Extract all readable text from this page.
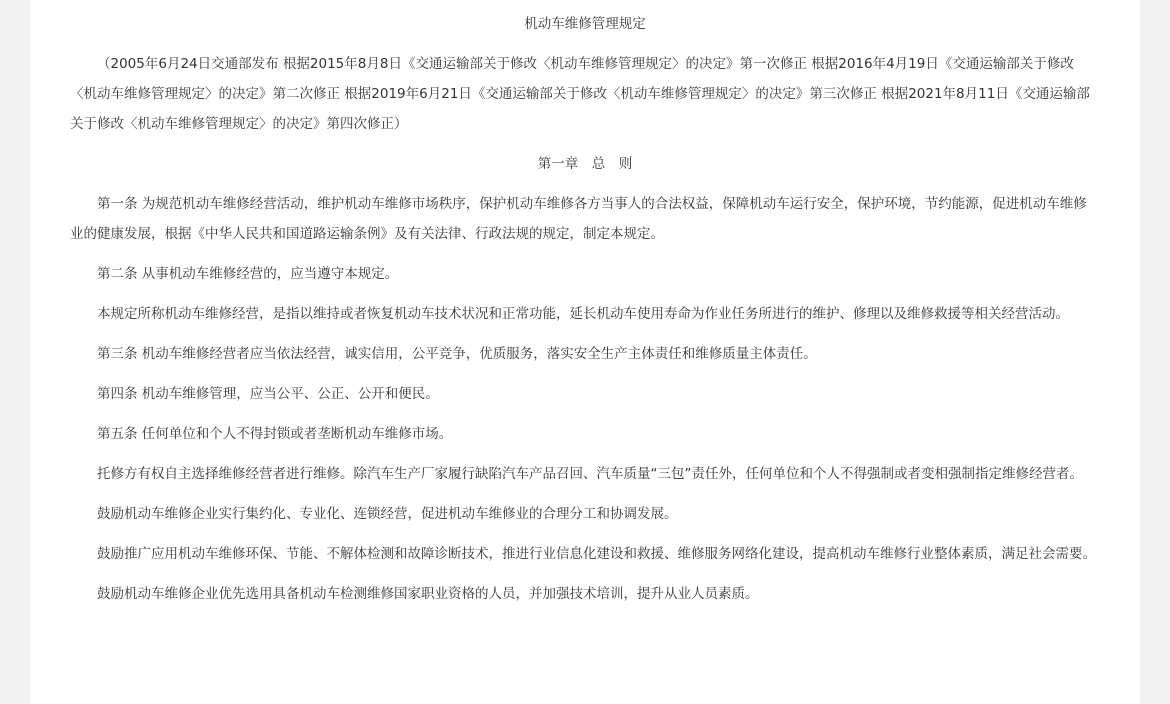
机动车维修管理规定

（2005年6月24日交通部发布 根据2015年8月8日《交通运输部关于修改〈机动车维修管理规定〉的决定》第一次修正 根据2016年4月19日《交通运输部关于修改〈机动车维修管理规定〉的决定》第二次修正 根据2019年6月21日《交通运输部关于修改〈机动车维修管理规定〉的决定》第三次修正 根据2021年8月11日《交通运输部关于修改〈机动车维修管理规定〉的决定》第四次修正）

第一章　总　则

第一条 为规范机动车维修经营活动，维护机动车维修市场秩序，保护机动车维修各方当事人的合法权益，保障机动车运行安全，保护环境，节约能源，促进机动车维修业的健康发展，根据《中华人民共和国道路运输条例》及有关法律、行政法规的规定，制定本规定。

第二条 从事机动车维修经营的，应当遵守本规定。

本规定所称机动车维修经营，是指以维持或者恢复机动车技术状况和正常功能，延长机动车使用寿命为作业任务所进行的维护、修理以及维修救援等相关经营活动。

第三条 机动车维修经营者应当依法经营，诚实信用，公平竞争，优质服务，落实安全生产主体责任和维修质量主体责任。

第四条 机动车维修管理，应当公平、公正、公开和便民。

第五条 任何单位和个人不得封锁或者垄断机动车维修市场。

托修方有权自主选择维修经营者进行维修。除汽车生产厂家履行缺陷汽车产品召回、汽车质量“三包”责任外，任何单位和个人不得强制或者变相强制指定维修经营者。

鼓励机动车维修企业实行集约化、专业化、连锁经营，促进机动车维修业的合理分工和协调发展。

鼓励推广应用机动车维修环保、节能、不解体检测和故障诊断技术，推进行业信息化建设和救援、维修服务网络化建设，提高机动车维修行业整体素质，满足社会需要。

鼓励机动车维修企业优先选用具备机动车检测维修国家职业资格的人员，并加强技术培训，提升从业人员素质。
